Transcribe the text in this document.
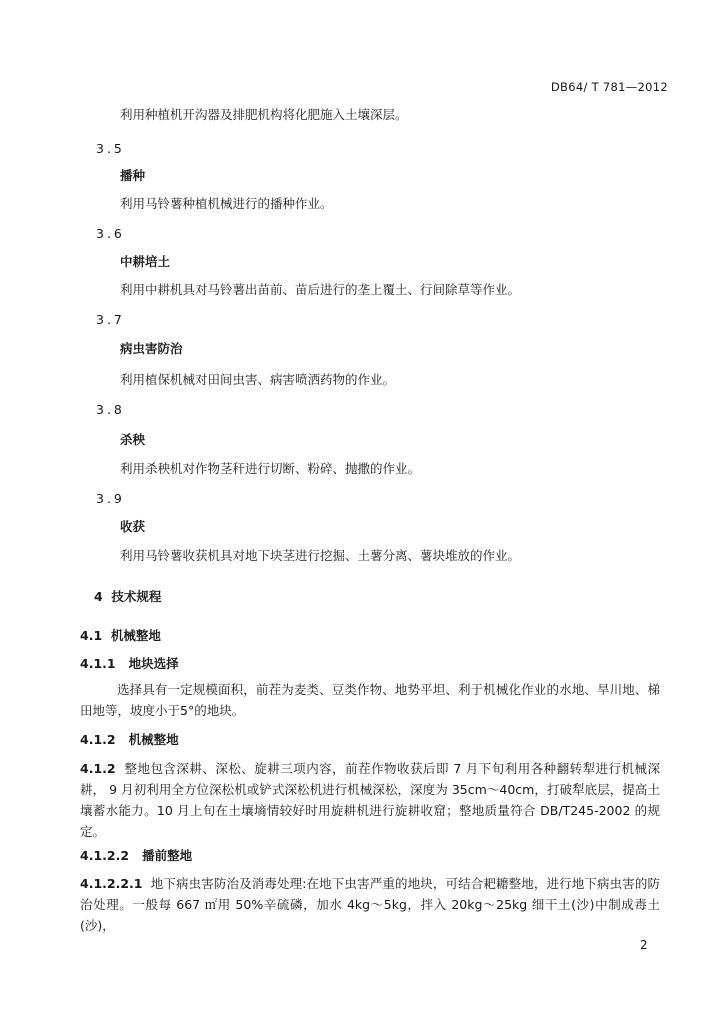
DB64/ T 781—2012
利用种植机开沟器及排肥机构将化肥施入土壤深层。
3.5
播种
利用马铃薯种植机械进行的播种作业。
3.6
中耕培土
利用中耕机具对马铃薯出苗前、苗后进行的垄上覆土、行间除草等作业。
3.7
病虫害防治
利用植保机械对田间虫害、病害喷洒药物的作业。
3.8
杀秧
利用杀秧机对作物茎秆进行切断、粉碎、抛撒的作业。
3.9
收获
利用马铃薯收获机具对地下块茎进行挖掘、土薯分离、薯块堆放的作业。
4 技术规程
4.1 机械整地
4.1.1 地块选择
选择具有一定规模面积，前茬为麦类、豆类作物、地势平坦、利于机械化作业的水地、旱川地、梯田地等，坡度小于5°的地块。
4.1.2 机械整地
4.1.2 整地包含深耕、深松、旋耕三项内容，前茬作物收获后即 7 月下旬利用各种翻转犁进行机械深耕， 9 月初利用全方位深松机或铲式深松机进行机械深松，深度为 35cm～40cm，打破犁底层，提高土壤蓄水能力。10 月上旬在土壤墒情较好时用旋耕机进行旋耕收窟；整地质量符合 DB/T245-2002 的规定。
4.1.2.2 播前整地
4.1.2.2.1 地下病虫害防治及消毒处理:在地下虫害严重的地块，可结合耙耱整地，进行地下病虫害的防治处理。一般每 667 ㎡用 50%辛硫磷，加水 4kg～5kg，拌入 20kg～25kg 细干土(沙)中制成毒土(沙)，
2
